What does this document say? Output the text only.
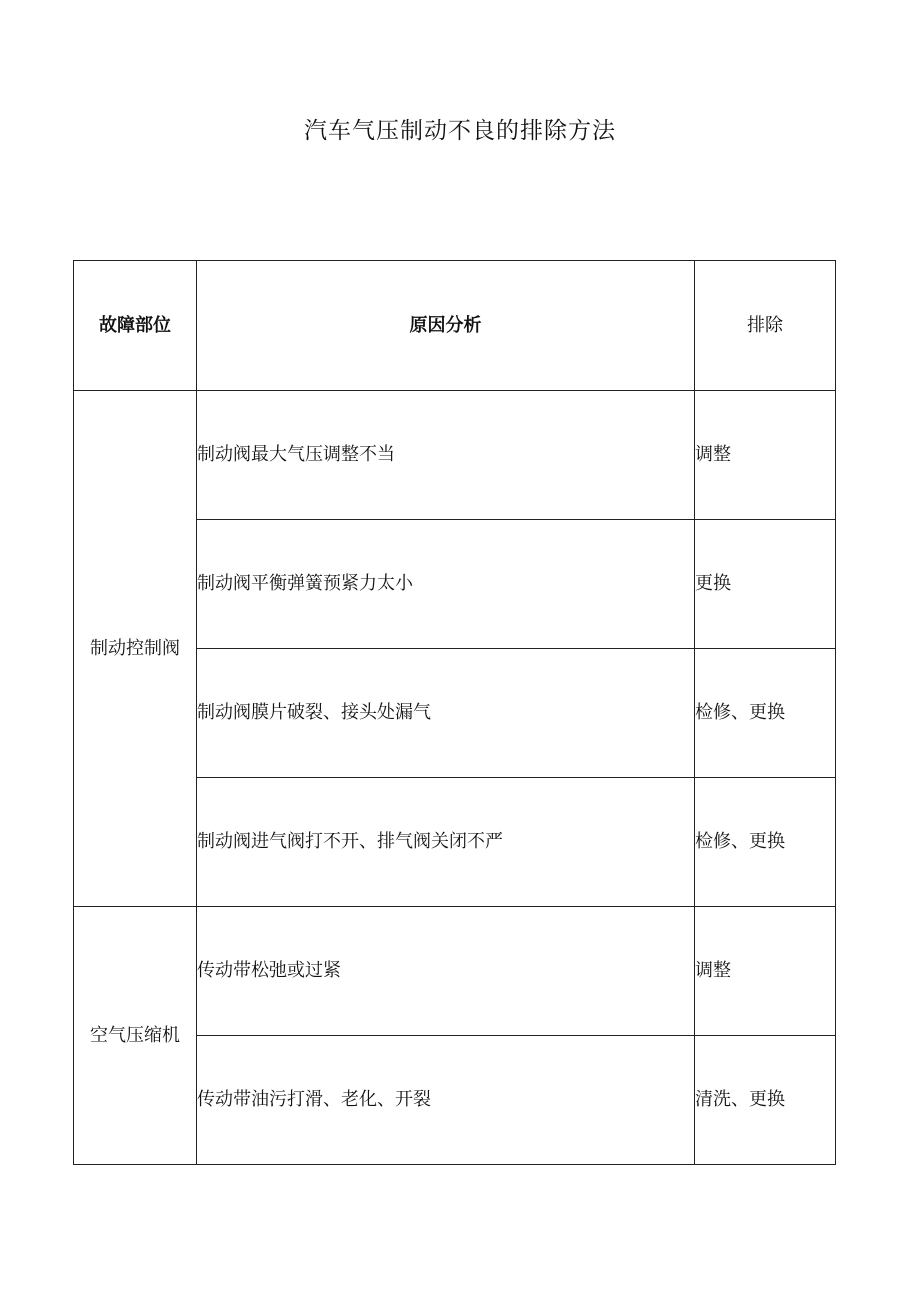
汽车气压制动不良的排除方法
故障部位	原因分析	排除
制动控制阀	制动阀最大气压调整不当	调整
	制动阀平衡弹簧预紧力太小	更换
	制动阀膜片破裂、接头处漏气	检修、更换
	制动阀进气阀打不开、排气阀关闭不严	检修、更换
空气压缩机	传动带松弛或过紧	调整
	传动带油污打滑、老化、开裂	清洗、更换
